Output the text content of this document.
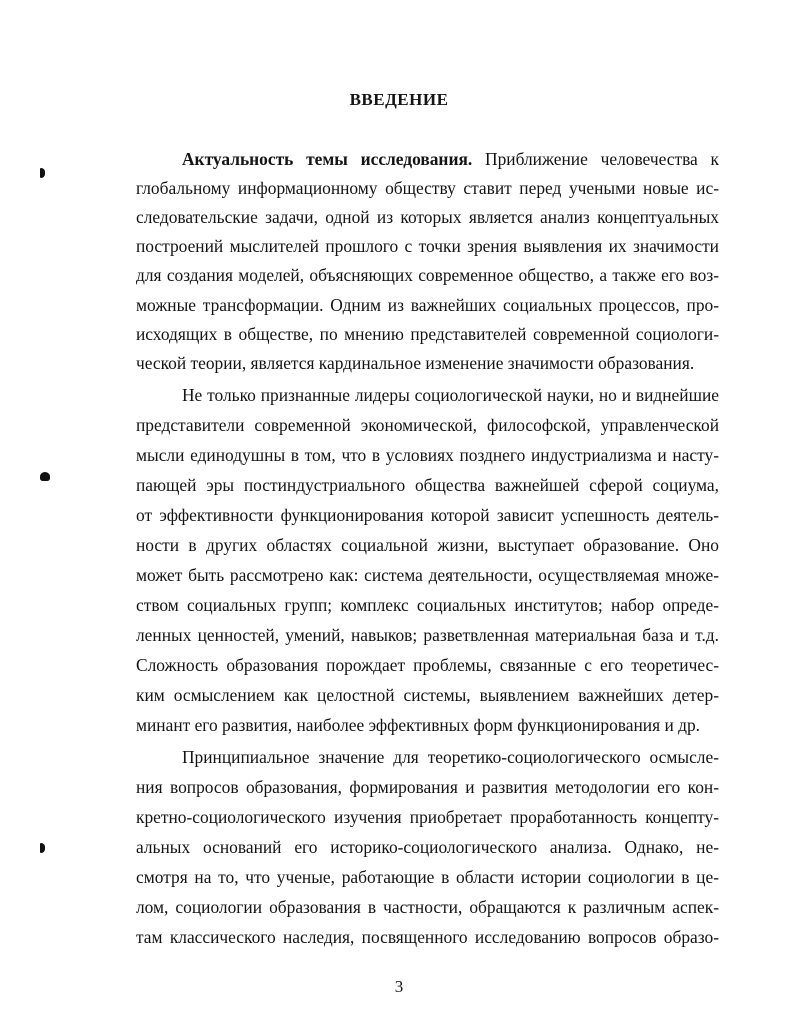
ВВЕДЕНИЕ
Актуальность темы исследования. Приближение человечества к
глобальному информационному обществу ставит перед учеными новые ис-
следовательские задачи, одной из которых является анализ концептуальных
построений мыслителей прошлого с точки зрения выявления их значимости
для создания моделей, объясняющих современное общество, а также его воз-
можные трансформации. Одним из важнейших социальных процессов, про-
исходящих в обществе, по мнению представителей современной социологи-
ческой теории, является кардинальное изменение значимости образования.
Не только признанные лидеры социологической науки, но и виднейшие
представители современной экономической, философской, управленческой
мысли единодушны в том, что в условиях позднего индустриализма и насту-
пающей эры постиндустриального общества важнейшей сферой социума,
от эффективности функционирования которой зависит успешность деятель-
ности в других областях социальной жизни, выступает образование. Оно
может быть рассмотрено как: система деятельности, осуществляемая множе-
ством социальных групп; комплекс социальных институтов; набор опреде-
ленных ценностей, умений, навыков; разветвленная материальная база и т.д.
Сложность образования порождает проблемы, связанные с его теоретичес-
ким осмыслением как целостной системы, выявлением важнейших детер-
минант его развития, наиболее эффективных форм функционирования и др.
Принципиальное значение для теоретико-социологического осмысле-
ния вопросов образования, формирования и развития методологии его кон-
кретно-социологического изучения приобретает проработанность концепту-
альных оснований его историко-социологического анализа. Однако, не-
смотря на то, что ученые, работающие в области истории социологии в це-
лом, социологии образования в частности, обращаются к различным аспек-
там классического наследия, посвященного исследованию вопросов образо-
3
